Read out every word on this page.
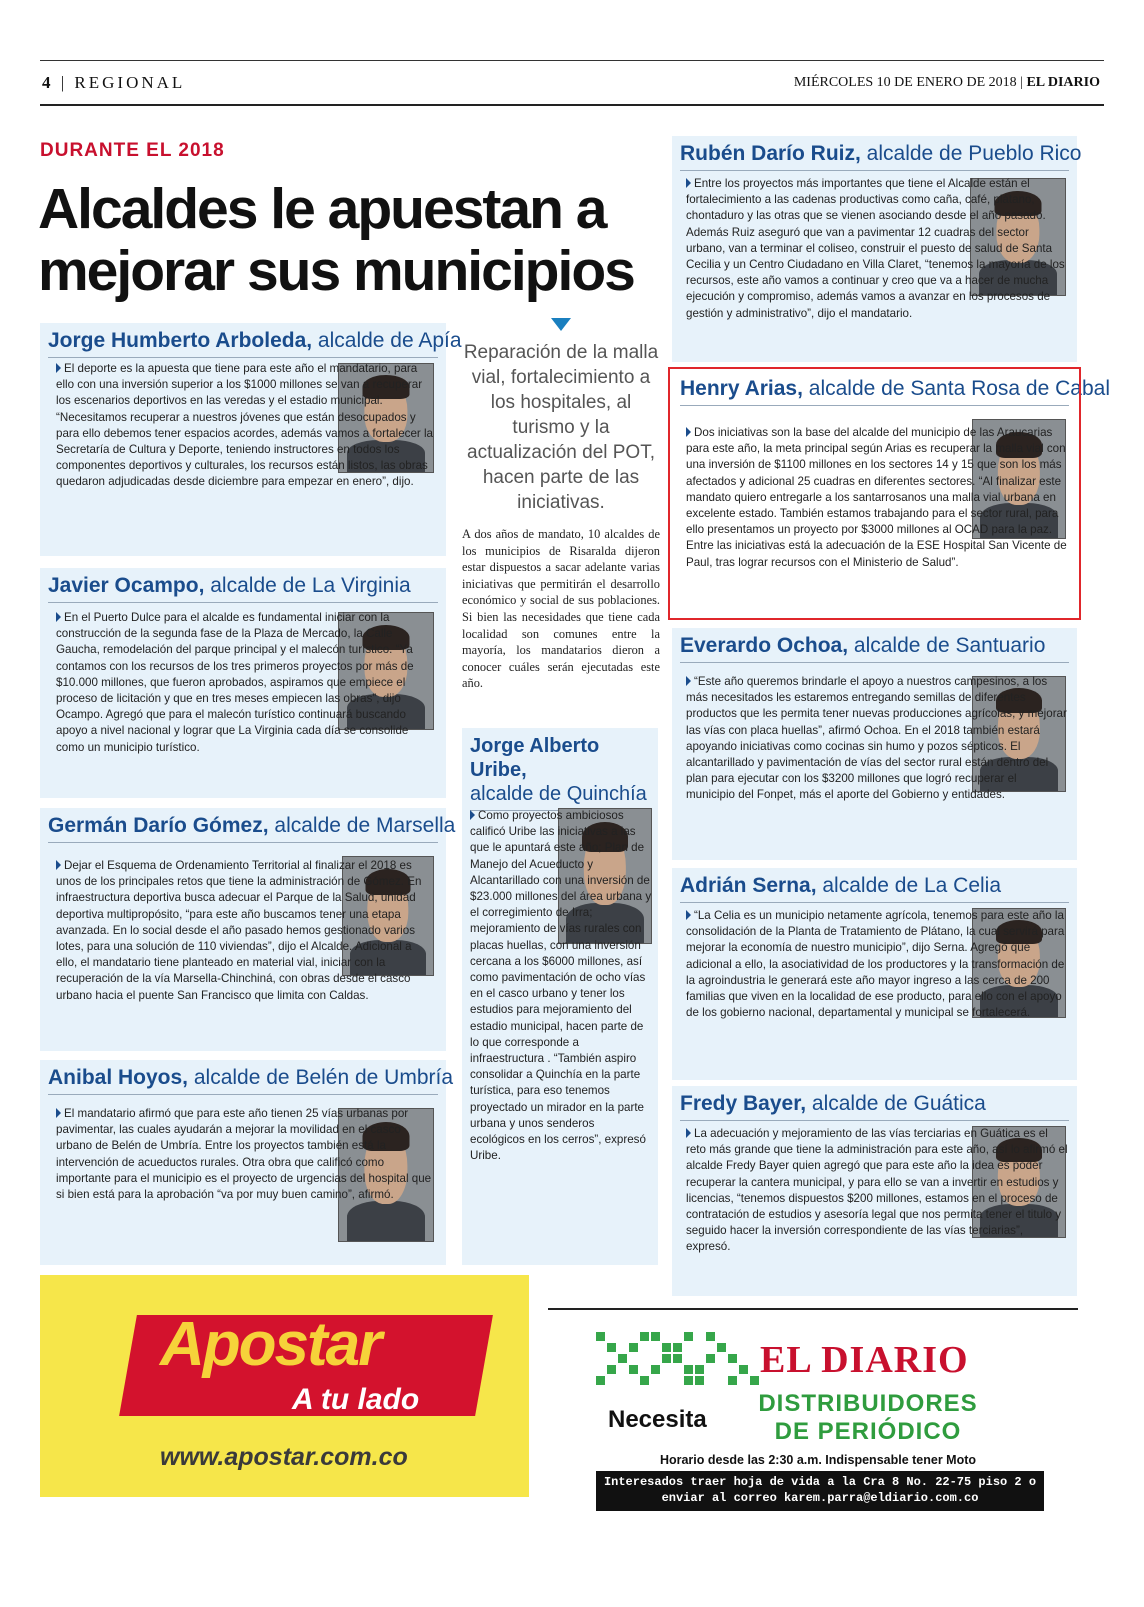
4 | REGIONAL	MIÉRCOLES 10 DE ENERO DE 2018 | EL DIARIO
DURANTE EL 2018
Alcaldes le apuestan a mejorar sus municipios
Jorge Humberto Arboleda, alcalde de Apía
El deporte es la apuesta que tiene para este año el mandatario, para ello con una inversión superior a los $1000 millones se van a recuperar los escenarios deportivos en las veredas y el estadio municipal. “Necesitamos recuperar a nuestros jóvenes que están desocupados y para ello debemos tener espacios acordes, además vamos a fortalecer la Secretaría de Cultura y Deporte, teniendo instructores en todos los componentes deportivos y culturales, los recursos están listos, las obras quedaron adjudicadas desde diciembre para empezar en enero”, dijo.
Javier Ocampo, alcalde de La Virginia
En el Puerto Dulce para el alcalde es fundamental iniciar con la construcción de la segunda fase de la Plaza de Mercado, la Calle Gaucha, remodelación del parque principal y el malecón turístico. “Ya contamos con los recursos de los tres primeros proyectos por más de $10.000 millones, que fueron aprobados, aspiramos que empiece el proceso de licitación y que en tres meses empiecen las obras”, dijo Ocampo. Agregó que para el malecón turístico continuará buscando apoyo a nivel nacional y lograr que La Virginia cada día se consolide como un municipio turístico.
Germán Darío Gómez, alcalde de Marsella
Dejar el Esquema de Ordenamiento Territorial al finalizar el 2018 es unos de los principales retos que tiene la administración de Gómez. En infraestructura deportiva busca adecuar el Parque de la Salud, unidad deportiva multipropósito, “para este año buscamos tener una etapa avanzada. En lo social desde el año pasado hemos gestionado varios lotes, para una solución de 110 viviendas”, dijo el Alcalde. Adicional a ello, el mandatario tiene planteado en material vial, iniciar con la recuperación de la vía Marsella-Chinchiná, con obras desde el casco urbano hacia el puente San Francisco que limita con Caldas.
Anibal Hoyos, alcalde de Belén de Umbría
El mandatario afirmó que para este año tienen 25 vías urbanas por pavimentar, las cuales ayudarán a mejorar la movilidad en el casco urbano de Belén de Umbría. Entre los proyectos también está la intervención de acueductos rurales. Otra obra que calificó como importante para el municipio es el proyecto de urgencias del hospital que si bien está para la aprobación “va por muy buen camino”, afirmó.
Reparación de la malla vial, fortalecimiento a los hospitales, al turismo y la actualización del POT, hacen parte de las iniciativas.
A dos años de mandato, 10 alcaldes de los municipios de Risaralda dijeron estar dispuestos a sacar adelante varias iniciativas que permitirán el desarrollo económico y social de sus poblaciones. Si bien las necesidades que tiene cada localidad son comunes entre la mayoría, los mandatarios dieron a conocer cuáles serán ejecutadas este año.
Jorge Alberto Uribe,
alcalde de Quinchía
Como proyectos ambiciosos calificó Uribe las iniciativas a las que le apuntará este año; Plan de Manejo del Acueducto y Alcantarillado con una inversión de $23.000 millones del área urbana y el corregimiento de Irra; mejoramiento de vías rurales con placas huellas, con una inversión cercana a los $6000 millones, así como pavimentación de ocho vías en el casco urbano y tener los estudios para mejoramiento del estadio municipal, hacen parte de lo que corresponde a infraestructura . “También aspiro consolidar a Quinchía en la parte turística, para eso tenemos proyectado un mirador en la parte urbana y unos senderos ecológicos en los cerros”, expresó Uribe.
Rubén Darío Ruiz, alcalde de Pueblo Rico
Entre los proyectos más importantes que tiene el Alcalde están el fortalecimiento a las cadenas productivas como caña, café, plátano, chontaduro y las otras que se vienen asociando desde el año pasado. Además Ruiz aseguró que van a pavimentar 12 cuadras del sector urbano, van a terminar el coliseo, construir el puesto de salud de Santa Cecilia y un Centro Ciudadano en Villa Claret, “tenemos la mayoría de los recursos, este año vamos a continuar y creo que va a hacer de mucha ejecución y compromiso, además vamos a avanzar en los procesos de gestión y administrativo”, dijo el mandatario.
Henry Arias, alcalde de Santa Rosa de Cabal
Dos iniciativas son la base del alcalde del municipio de las Araucarias para este año, la meta principal según Arias es recuperar la malla vial con una inversión de $1100 millones en los sectores 14 y 15 que son los más afectados y adicional 25 cuadras en diferentes sectores. “Al finalizar este mandato quiero entregarle a los santarrosanos una malla vial urbana en excelente estado. También estamos trabajando para el sector rural, para ello presentamos un proyecto por $3000 millones al OCAD para la paz. Entre las iniciativas está la adecuación de la ESE Hospital San Vicente de Paul, tras lograr recursos con el Ministerio de Salud”.
Everardo Ochoa, alcalde de Santuario
“Este año queremos brindarle el apoyo a nuestros campesinos, a los más necesitados les estaremos entregando semillas de diferentes productos que les permita tener nuevas producciones agrícolas, y mejorar las vías con placa huellas”, afirmó Ochoa. En el 2018 también estará apoyando iniciativas como cocinas sin humo y pozos sépticos. El alcantarillado y pavimentación de vías del sector rural están dentro del plan para ejecutar con los $3200 millones que logró recuperar el municipio del Fonpet, más el aporte del Gobierno y entidades.
Adrián Serna, alcalde de La Celia
“La Celia es un municipio netamente agrícola, tenemos para este año la consolidación de la Planta de Tratamiento de Plátano, la cual servirá para mejorar la economía de nuestro municipio”, dijo Serna. Agregó que adicional a ello, la asociatividad de los productores y la transformación de la agroindustria le generará este año mayor ingreso a las cerca de 200 familias que viven en la localidad de ese producto, para ello con el apoyo de los gobierno nacional, departamental y municipal se fortalecerá.
Fredy Bayer, alcalde de Guática
La adecuación y mejoramiento de las vías terciarias en Guática es el reto más grande que tiene la administración para este año, así lo afirmó el alcalde Fredy Bayer quien agregó que para este año la idea es poder recuperar la cantera municipal, y para ello se van a invertir en estudios y licencias, “tenemos dispuestos $200 millones, estamos en el proceso de contratación de estudios y asesoría legal que nos permita tener el titulo y seguido hacer la inversión correspondiente de las vías terciarias”, expresó.
Apostar
A tu lado
www.apostar.com.co
EL DIARIO
Necesita
DISTRIBUIDORES DE PERIÓDICO
Horario desde las 2:30 a.m. Indispensable tener Moto
Interesados traer hoja de vida a la Cra 8 No. 22-75 piso 2 o enviar al correo karem.parra@eldiario.com.co
